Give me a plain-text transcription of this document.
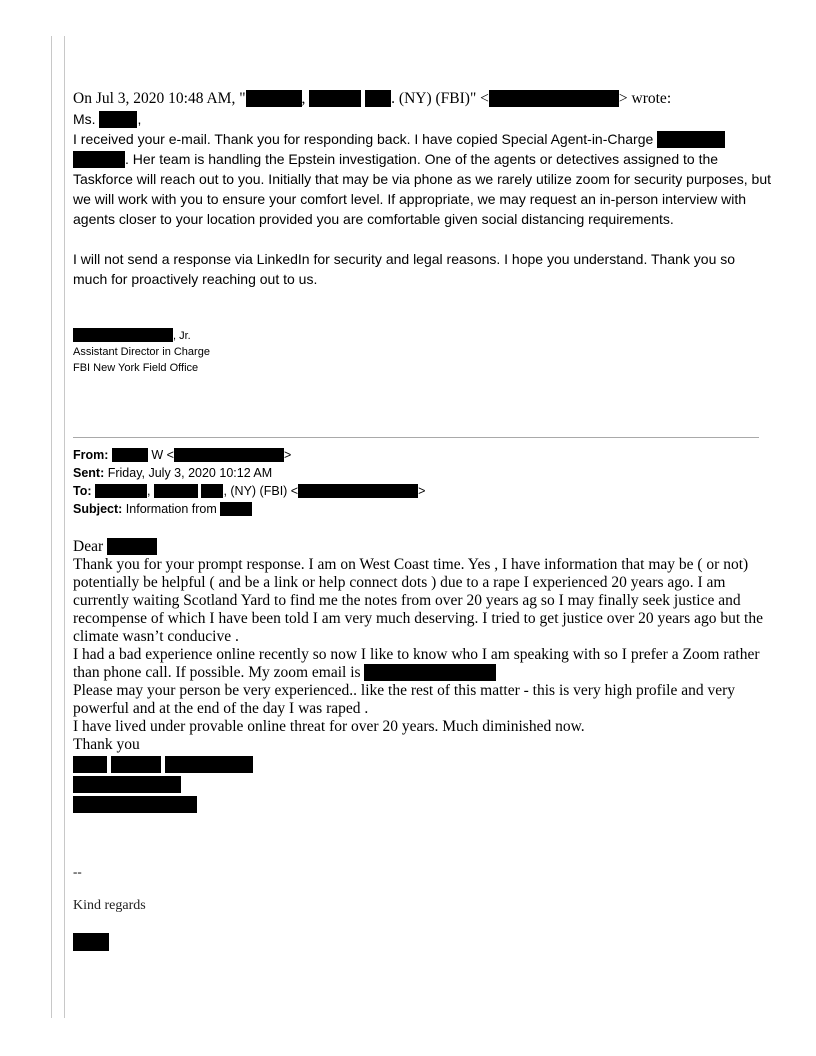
On Jul 3, 2020 10:48 AM, "	,	. (NY) (FBI)" <	> wrote:

Ms.	,

I received your e-mail. Thank you for responding back. I have copied Special Agent-in-Charge  . Her team is handling the Epstein investigation. One of the agents or detectives assigned to the Taskforce will reach out to you. Initially that may be via phone as we rarely utilize zoom for security purposes, but we will work with you to ensure your comfort level. If appropriate, we may request an in-person interview with agents closer to your location provided you are comfortable given social distancing requirements.

I will not send a response via LinkedIn for security and legal reasons. I hope you understand. Thank you so much for proactively reaching out to us.

, Jr.

Assistant Director in Charge

FBI New York Field Office

From:	W <	>

Sent: Friday, July 3, 2020 10:12 AM

To:	,	, (NY) (FBI) <	>

Subject: Information from

Dear

Thank you for your prompt response. I am on West Coast time. Yes , I have information that may be ( or not) potentially be helpful ( and be a link or help connect dots ) due to a rape I experienced 20 years ago. I am currently waiting Scotland Yard to find me the notes from over 20 years ag so I may finally seek justice and recompense of which I have been told I am very much deserving. I tried to get justice over 20 years ago but the climate wasn’t conducive .

I had a bad experience online recently so now I like to know who I am speaking with so I prefer a Zoom rather than phone call. If possible. My zoom email is

Please may your person be very experienced.. like the rest of this matter - this is very high profile and very powerful and at the end of the day I was raped .

I have lived under provable online threat for over 20 years. Much diminished now.

Thank you

--
Kind regards
